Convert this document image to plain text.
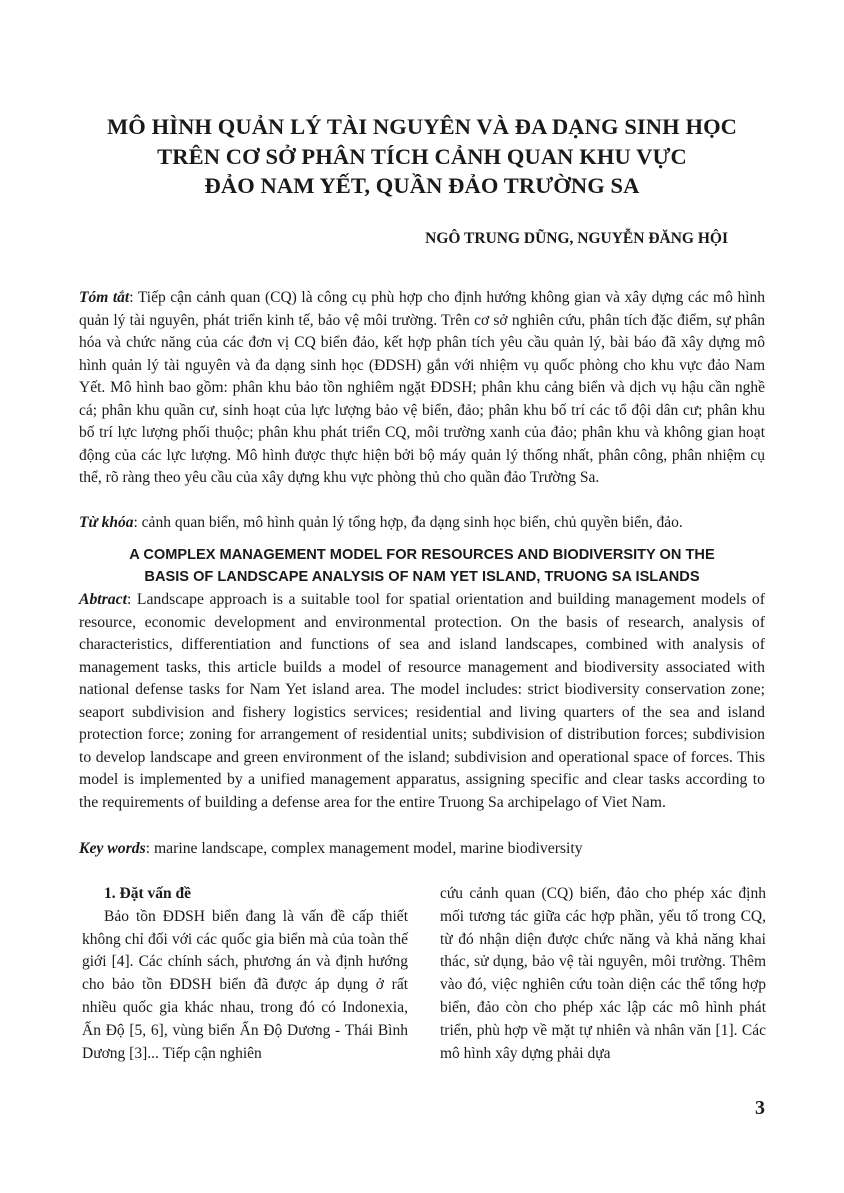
MÔ HÌNH QUẢN LÝ TÀI NGUYÊN VÀ ĐA DẠNG SINH HỌC
TRÊN CƠ SỞ PHÂN TÍCH CẢNH QUAN KHU VỰC
ĐẢO NAM YẾT, QUẦN ĐẢO TRƯỜNG SA
NGÔ TRUNG DŨNG, NGUYỄN ĐĂNG HỘI
Tóm tắt: Tiếp cận cảnh quan (CQ) là công cụ phù hợp cho định hướng không gian và xây dựng các mô hình quản lý tài nguyên, phát triển kinh tế, bảo vệ môi trường. Trên cơ sở nghiên cứu, phân tích đặc điểm, sự phân hóa và chức năng của các đơn vị CQ biển đảo, kết hợp phân tích yêu cầu quản lý, bài báo đã xây dựng mô hình quản lý tài nguyên và đa dạng sinh học (ĐDSH) gắn với nhiệm vụ quốc phòng cho khu vực đảo Nam Yết. Mô hình bao gồm: phân khu bảo tồn nghiêm ngặt ĐDSH; phân khu cảng biển và dịch vụ hậu cần nghề cá; phân khu quần cư, sinh hoạt của lực lượng bảo vệ biển, đảo; phân khu bố trí các tổ đội dân cư; phân khu bố trí lực lượng phối thuộc; phân khu phát triển CQ, môi trường xanh của đảo; phân khu và không gian hoạt động của các lực lượng. Mô hình được thực hiện bởi bộ máy quản lý thống nhất, phân công, phân nhiệm cụ thể, rõ ràng theo yêu cầu của xây dựng khu vực phòng thủ cho quần đảo Trường Sa.
Từ khóa: cảnh quan biển, mô hình quản lý tổng hợp, đa dạng sinh học biển, chủ quyền biển, đảo.
A COMPLEX MANAGEMENT MODEL FOR RESOURCES AND BIODIVERSITY ON THE
BASIS OF LANDSCAPE ANALYSIS OF NAM YET ISLAND, TRUONG SA ISLANDS
Abtract: Landscape approach is a suitable tool for spatial orientation and building management models of resource, economic development and environmental protection. On the basis of research, analysis of characteristics, differentiation and functions of sea and island landscapes, combined with analysis of management tasks, this article builds a model of resource management and biodiversity associated with national defense tasks for Nam Yet island area. The model includes: strict biodiversity conservation zone; seaport subdivision and fishery logistics services; residential and living quarters of the sea and island protection force; zoning for arrangement of residential units; subdivision of distribution forces; subdivision to develop landscape and green environment of the island; subdivision and operational space of forces. This model is implemented by a unified management apparatus, assigning specific and clear tasks according to the requirements of building a defense area for the entire Truong Sa archipelago of Viet Nam.
Key words: marine landscape, complex management model, marine biodiversity
1. Đặt vấn đề
Bảo tồn ĐDSH biển đang là vấn đề cấp thiết không chỉ đối với các quốc gia biển mà của toàn thế giới [4]. Các chính sách, phương án và định hướng cho bảo tồn ĐDSH biển đã được áp dụng ở rất nhiều quốc gia khác nhau, trong đó có Indonexia, Ấn Độ [5, 6], vùng biển Ấn Độ Dương - Thái Bình Dương [3]... Tiếp cận nghiên
cứu cảnh quan (CQ) biển, đảo cho phép xác định mối tương tác giữa các hợp phần, yếu tố trong CQ, từ đó nhận diện được chức năng và khả năng khai thác, sử dụng, bảo vệ tài nguyên, môi trường. Thêm vào đó, việc nghiên cứu toàn diện các thể tổng hợp biển, đảo còn cho phép xác lập các mô hình phát triển, phù hợp về mặt tự nhiên và nhân văn [1]. Các mô hình xây dựng phải dựa
3
